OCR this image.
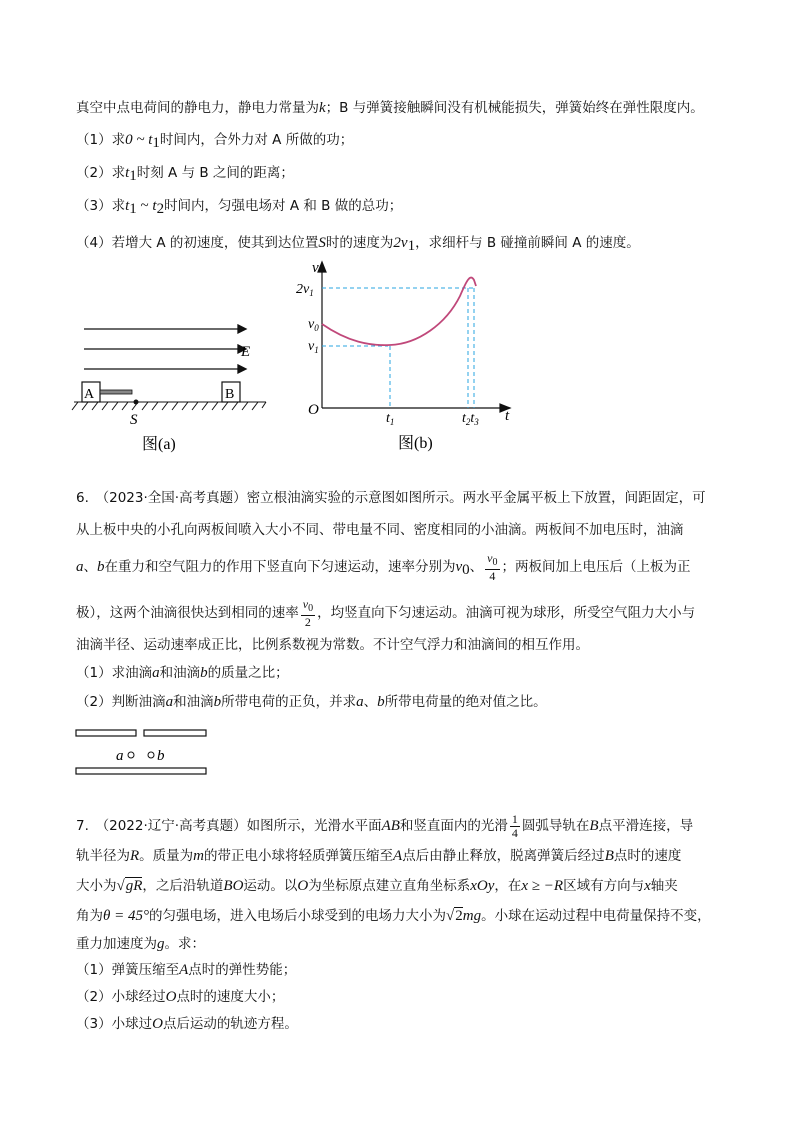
真空中点电荷间的静电力，静电力常量为k；B 与弹簧接触瞬间没有机械能损失，弹簧始终在弹性限度内。
（1）求0 ~ $t_1$时间内，合外力对 A 所做的功；
（2）求$t_1$时刻 A 与 B 之间的距离；
（3）求$t_1$ ~ $t_2$时间内，匀强电场对 A 和 B 做的总功；
（4）若增大 A 的初速度，使其到达位置S时的速度为$2v_1$，求细杆与 B 碰撞前瞬间 A 的速度。
E
A	B
S
图(a)
v
t
O
$2v_1$
$v_0$
$v_1$
$t_1$	$t_2t_3$
图(b)
6.　（2023·全国·高考真题）密立根油滴实验的示意图如图所示。两水平金属平板上下放置，间距固定，可
从上板中央的小孔向两板间喷入大小不同、带电量不同、密度相同的小油滴。两板间不加电压时，油滴
a、b在重力和空气阻力的作用下竖直向下匀速运动，速率分别为$v_0$、 $\frac{v_0}{4}$ ；两板间加上电压后（上板为正
极），这两个油滴很快达到相同的速率 $\frac{v_0}{2}$ ，均竖直向下匀速运动。油滴可视为球形，所受空气阻力大小与
油滴半径、运动速率成正比，比例系数视为常数。不计空气浮力和油滴间的相互作用。
（1）求油滴a和油滴b的质量之比；
（2）判断油滴a和油滴b所带电荷的正负，并求a、b所带电荷量的绝对值之比。
a b
7.　（2022·辽宁·高考真题）如图所示，光滑水平面AB和竖直面内的光滑 $\frac{1}{4}$ 圆弧导轨在B点平滑连接，导
轨半径为R。质量为m的带正电小球将轻质弹簧压缩至A点后由静止释放，脱离弹簧后经过B点时的速度
大小为√gR，之后沿轨道BO运动。以O为坐标原点建立直角坐标系xOy，在x ≥ −R区域有方向与x轴夹
角为θ = 45°的匀强电场，进入电场后小球受到的电场力大小为√2mg。小球在运动过程中电荷量保持不变，
重力加速度为g。求：
（1）弹簧压缩至A点时的弹性势能；
（2）小球经过O点时的速度大小；
（3）小球过O点后运动的轨迹方程。
